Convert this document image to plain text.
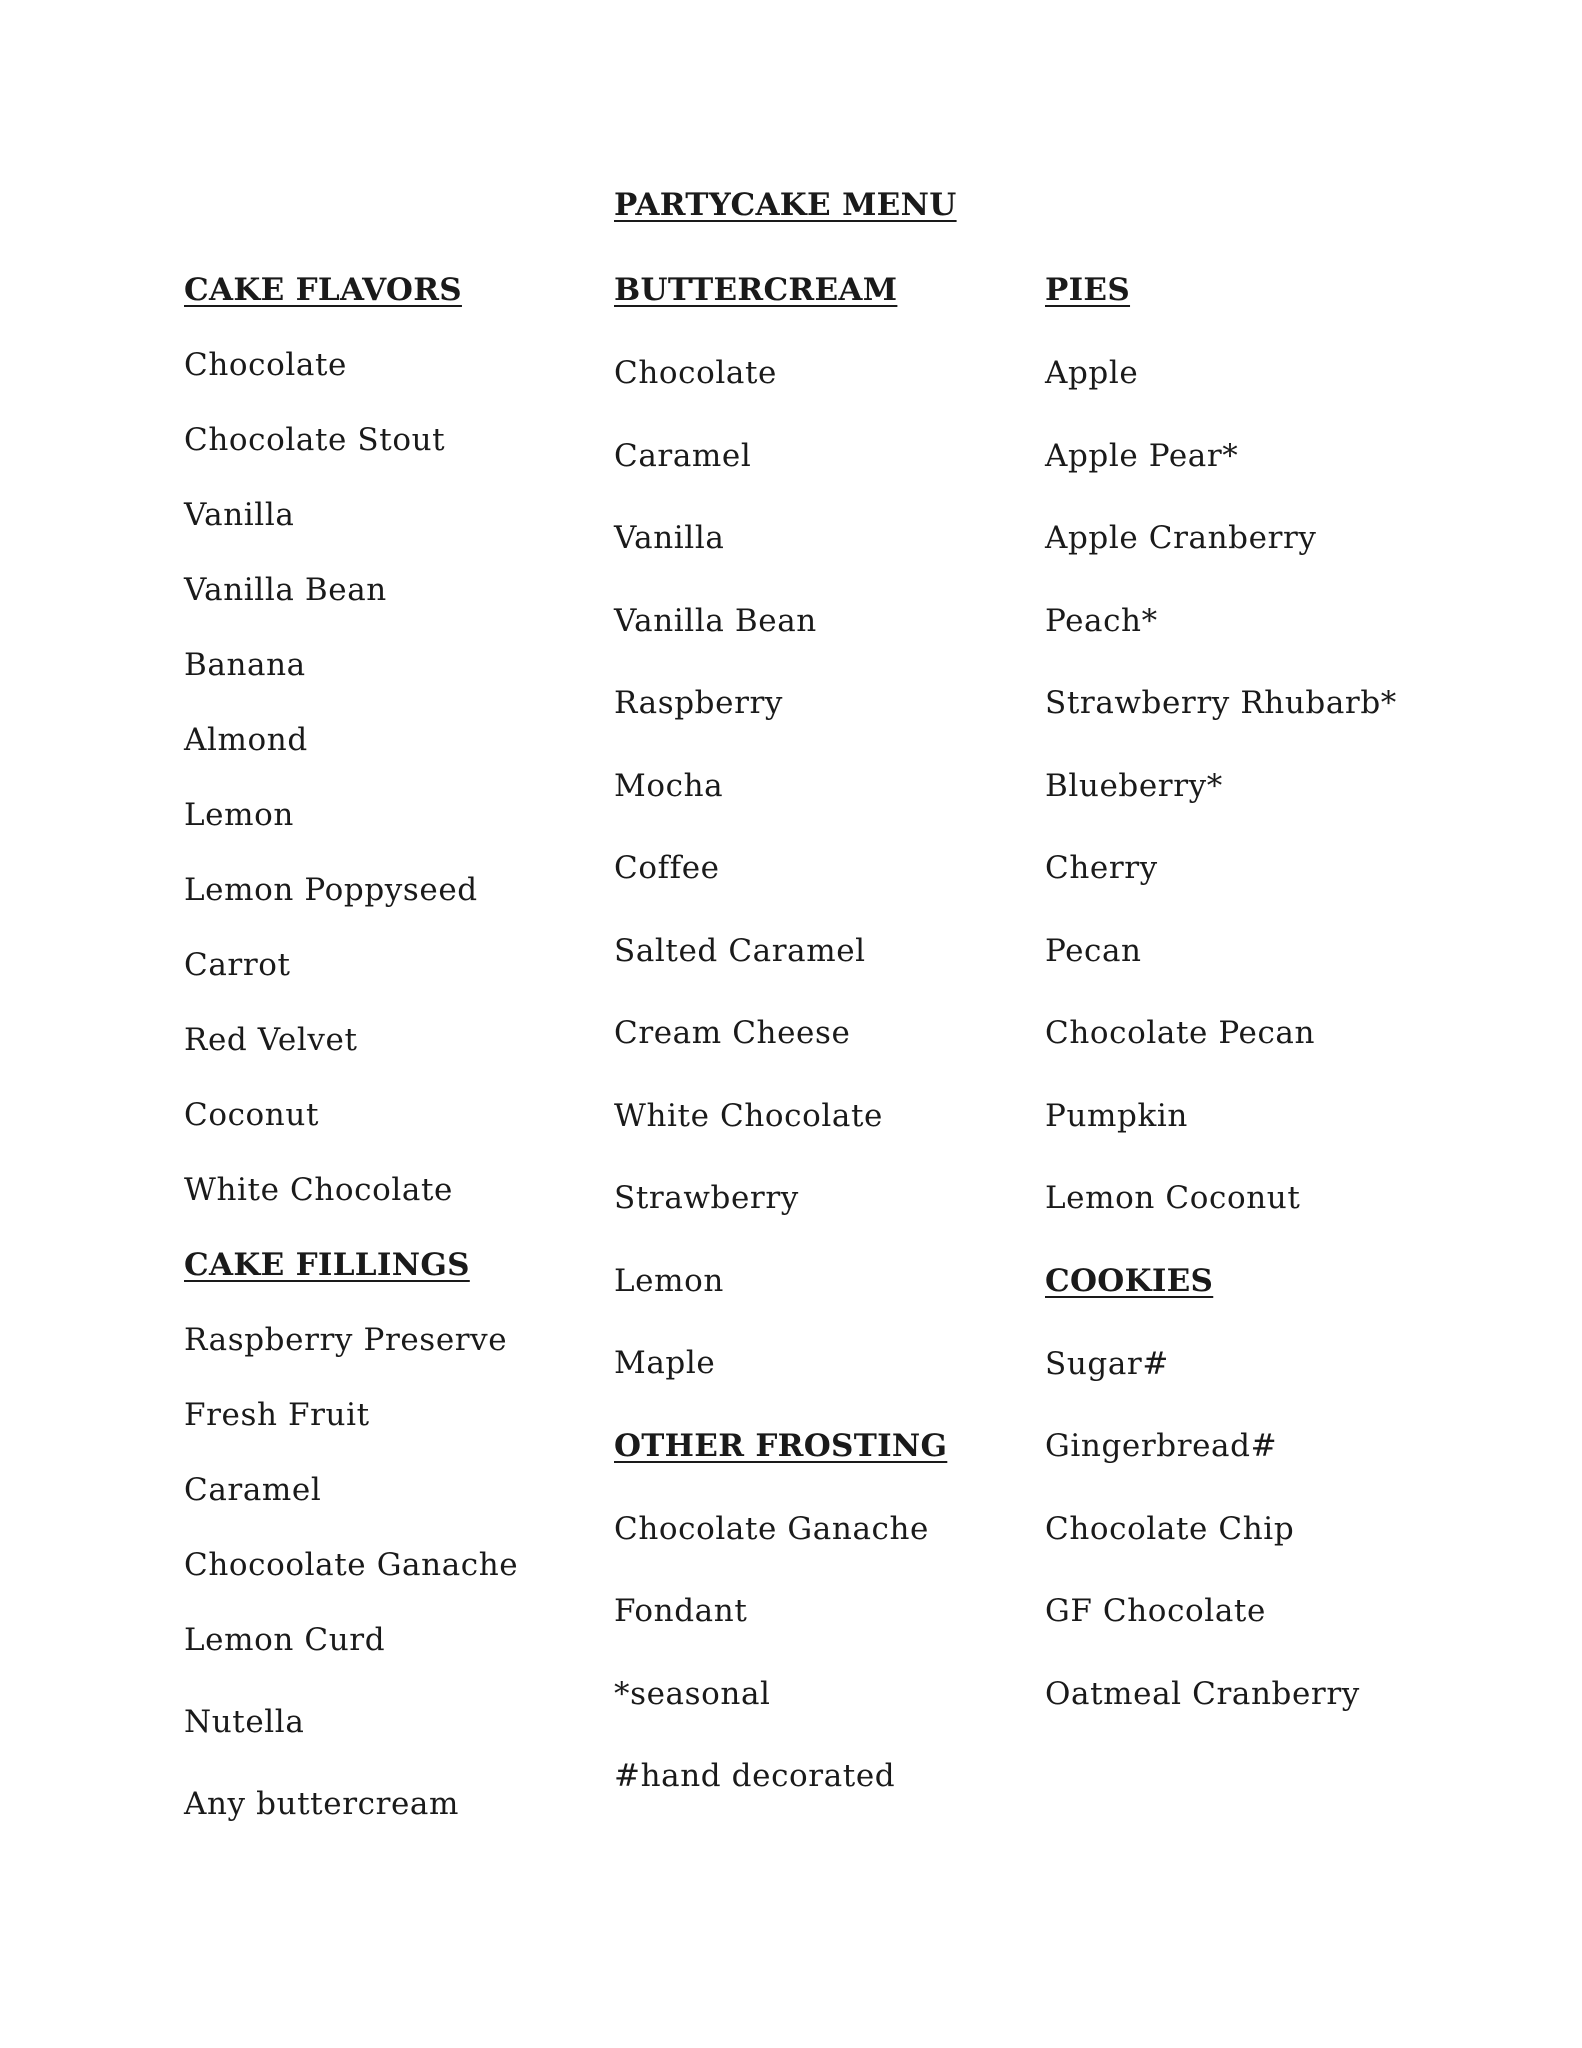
PARTYCAKE MENU
CAKE FLAVORS
Chocolate
Chocolate Stout
Vanilla
Vanilla Bean
Banana
Almond
Lemon
Lemon Poppyseed
Carrot
Red Velvet
Coconut
White Chocolate
CAKE FILLINGS
Raspberry Preserve
Fresh Fruit
Caramel
Chocoolate Ganache
Lemon Curd
Nutella
Any buttercream
BUTTERCREAM
Chocolate
Caramel
Vanilla
Vanilla Bean
Raspberry
Mocha
Coffee
Salted Caramel
Cream Cheese
White Chocolate
Strawberry
Lemon
Maple
OTHER FROSTING
Chocolate Ganache
Fondant
*seasonal
#hand decorated
PIES
Apple
Apple Pear*
Apple Cranberry
Peach*
Strawberry Rhubarb*
Blueberry*
Cherry
Pecan
Chocolate Pecan
Pumpkin
Lemon Coconut
COOKIES
Sugar#
Gingerbread#
Chocolate Chip
GF Chocolate
Oatmeal Cranberry
